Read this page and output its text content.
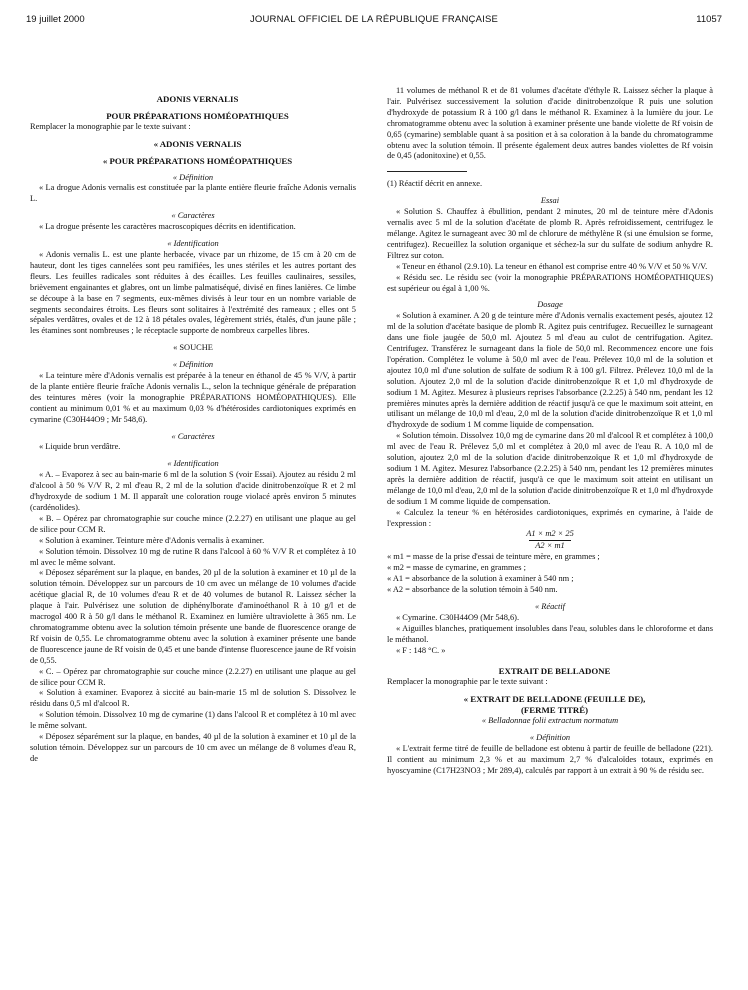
19 juillet 2000	JOURNAL OFFICIEL DE LA RÉPUBLIQUE FRANÇAISE	11057

ADONIS VERNALIS

POUR PRÉPARATIONS HOMÉOPATHIQUES

Remplacer la monographie par le texte suivant :

« ADONIS VERNALIS

« POUR PRÉPARATIONS HOMÉOPATHIQUES

« Définition

« La drogue Adonis vernalis est constituée par la plante entière fleurie fraîche Adonis vernalis L.

« Caractères

« La drogue présente les caractères macroscopiques décrits en identification.

« Identification

« Adonis vernalis L. est une plante herbacée, vivace par un rhizome, de 15 cm à 20 cm de hauteur, dont les tiges cannelées sont peu ramifiées, les unes stériles et les autres portant des fleurs. Les feuilles radicales sont réduites à des écailles. Les feuilles caulinaires, sessiles, brièvement engainantes et glabres, ont un limbe palmatiséqué, divisé en fines lanières. Ce limbe se découpe à la base en 7 segments, eux-mêmes divisés à leur tour en un nombre variable de segments secondaires étroits. Les fleurs sont solitaires à l'extrémité des rameaux ; elles ont 5 sépales verdâtres, ovales et de 12 à 18 pétales ovales, légèrement striés, étalés, d'un jaune pâle ; les étamines sont nombreuses ; le réceptacle supporte de nombreux carpelles libres.

« SOUCHE

« Définition

« La teinture mère d'Adonis vernalis est préparée à la teneur en éthanol de 45 % V/V, à partir de la plante entière fleurie fraîche Adonis vernalis L., selon la technique générale de préparation des teintures mères (voir la monographie PRÉPARATIONS HOMÉOPATHIQUES). Elle contient au minimum 0,01 % et au maximum 0,03 % d'hétérosides cardiotoniques exprimés en cymarine (C30H44O9 ; Mr 548,6).

« Caractères

« Liquide brun verdâtre.

« Identification

« A. – Evaporez à sec au bain-marie 6 ml de la solution S (voir Essai). Ajoutez au résidu 2 ml d'alcool à 50 % V/V R, 2 ml d'eau R, 2 ml de la solution d'acide dinitrobenzoïque R et 2 ml d'hydroxyde de sodium 1 M. Il apparaît une coloration rouge violacé après environ 5 minutes (cardénolides).

« B. – Opérez par chromatographie sur couche mince (2.2.27) en utilisant une plaque au gel de silice pour CCM R.

« Solution à examiner. Teinture mère d'Adonis vernalis à examiner.

« Solution témoin. Dissolvez 10 mg de rutine R dans l'alcool à 60 % V/V R et complétez à 10 ml avec le même solvant.

« Déposez séparément sur la plaque, en bandes, 20 µl de la solution à examiner et 10 µl de la solution témoin. Développez sur un parcours de 10 cm avec un mélange de 10 volumes d'acide acétique glacial R, de 10 volumes d'eau R et de 40 volumes de butanol R. Laissez sécher la plaque à l'air. Pulvérisez une solution de diphénylborate d'aminoéthanol R à 10 g/l et de macrogol 400 R à 50 g/l dans le méthanol R. Examinez en lumière ultraviolette à 365 nm. Le chromatogramme obtenu avec la solution témoin présente une bande de fluorescence orange de Rf voisin de 0,55. Le chromatogramme obtenu avec la solution à examiner présente une bande de fluorescence jaune de Rf voisin de 0,45 et une bande d'intense fluorescence jaune de Rf voisin de 0,55.

« C. – Opérez par chromatographie sur couche mince (2.2.27) en utilisant une plaque au gel de silice pour CCM R.

« Solution à examiner. Evaporez à siccité au bain-marie 15 ml de solution S. Dissolvez le résidu dans 0,5 ml d'alcool R.

« Solution témoin. Dissolvez 10 mg de cymarine (1) dans l'alcool R et complétez à 10 ml avec le même solvant.

« Déposez séparément sur la plaque, en bandes, 40 µl de la solution à examiner et 10 µl de la solution témoin. Développez sur un parcours de 10 cm avec un mélange de 8 volumes d'eau R, de

11 volumes de méthanol R et de 81 volumes d'acétate d'éthyle R. Laissez sécher la plaque à l'air. Pulvérisez successivement la solution d'acide dinitrobenzoïque R puis une solution d'hydroxyde de potassium R à 100 g/l dans le méthanol R. Examinez à la lumière du jour. Le chromatogramme obtenu avec la solution à examiner présente une bande violette de Rf voisin de 0,65 (cymarine) semblable quant à sa position et à sa coloration à la bande du chromatogramme obtenu avec la solution témoin. Il présente également deux autres bandes violettes de Rf voisin de 0,45 (adonitoxine) et 0,55.

(1) Réactif décrit en annexe.

Essai

« Solution S. Chauffez à ébullition, pendant 2 minutes, 20 ml de teinture mère d'Adonis vernalis avec 5 ml de la solution d'acétate de plomb R. Après refroidissement, centrifugez le mélange. Agitez le surnageant avec 30 ml de chlorure de méthylène R (si une émulsion se forme, centrifugez). Recueillez la solution organique et séchez-la sur du sulfate de sodium anhydre R. Filtrez sur coton.

« Teneur en éthanol (2.9.10). La teneur en éthanol est comprise entre 40 % V/V et 50 % V/V.

« Résidu sec. Le résidu sec (voir la monographie PRÉPARATIONS HOMÉOPATHIQUES) est supérieur ou égal à 1,00 %.

Dosage

« Solution à examiner. A 20 g de teinture mère d'Adonis vernalis exactement pesés, ajoutez 12 ml de la solution d'acétate basique de plomb R. Agitez puis centrifugez. Recueillez le surnageant dans une fiole jaugée de 50,0 ml. Ajoutez 5 ml d'eau au culot de centrifugation. Agitez. Centrifugez. Transférez le surnageant dans la fiole de 50,0 ml. Recommencez encore une fois l'opération. Complétez le volume à 50,0 ml avec de l'eau. Prélevez 10,0 ml de la solution et ajoutez 10,0 ml d'une solution de sulfate de sodium R à 100 g/l. Filtrez. Prélevez 10,0 ml de la solution. Ajoutez 2,0 ml de la solution d'acide dinitrobenzoïque R et 1,0 ml d'hydroxyde de sodium 1 M. Agitez. Mesurez à plusieurs reprises l'absorbance (2.2.25) à 540 nm, pendant les 12 premières minutes après la dernière addition de réactif jusqu'à ce que le maximum soit atteint, en utilisant un mélange de 10,0 ml d'eau, 2,0 ml de la solution d'acide dinitrobenzoïque R et 1,0 ml d'hydroxyde de sodium 1 M comme liquide de compensation.

« Solution témoin. Dissolvez 10,0 mg de cymarine dans 20 ml d'alcool R et complétez à 100,0 ml avec de l'eau R. Prélevez 5,0 ml et complétez à 20,0 ml avec de l'eau R. A 10,0 ml de solution, ajoutez 2,0 ml de la solution d'acide dinitrobenzoïque R et 1,0 ml d'hydroxyde de sodium 1 M. Agitez. Mesurez l'absorbance (2.2.25) à 540 nm, pendant les 12 premières minutes après la dernière addition de réactif, jusqu'à ce que le maximum soit atteint en utilisant un mélange de 10,0 ml d'eau, 2,0 ml de la solution d'acide dinitrobenzoïque R et 1,0 ml d'hydroxyde de sodium 1 M comme liquide de compensation.

« Calculez la teneur % en hétérosides cardiotoniques, exprimés en cymarine, à l'aide de l'expression :

A1 × m2 × 25

A2 × m1

« m1 = masse de la prise d'essai de teinture mère, en grammes ;

« m2 = masse de cymarine, en grammes ;

« A1 = absorbance de la solution à examiner à 540 nm ;

« A2 = absorbance de la solution témoin à 540 nm.

« Réactif

« Cymarine. C30H44O9 (Mr 548,6).

« Aiguilles blanches, pratiquement insolubles dans l'eau, solubles dans le chloroforme et dans le méthanol.

« F : 148 °C. »

EXTRAIT DE BELLADONE

Remplacer la monographie par le texte suivant :

« EXTRAIT DE BELLADONE (FEUILLE DE),

(FERME TITRÉ)

« Belladonnae folii extractum normatum

« Définition

« L'extrait ferme titré de feuille de belladone est obtenu à partir de feuille de belladone (221). Il contient au minimum 2,3 % et au maximum 2,7 % d'alcaloïdes totaux, exprimés en hyoscyamine (C17H23NO3 ; Mr 289,4), calculés par rapport à un extrait à 90 % de résidu sec.
